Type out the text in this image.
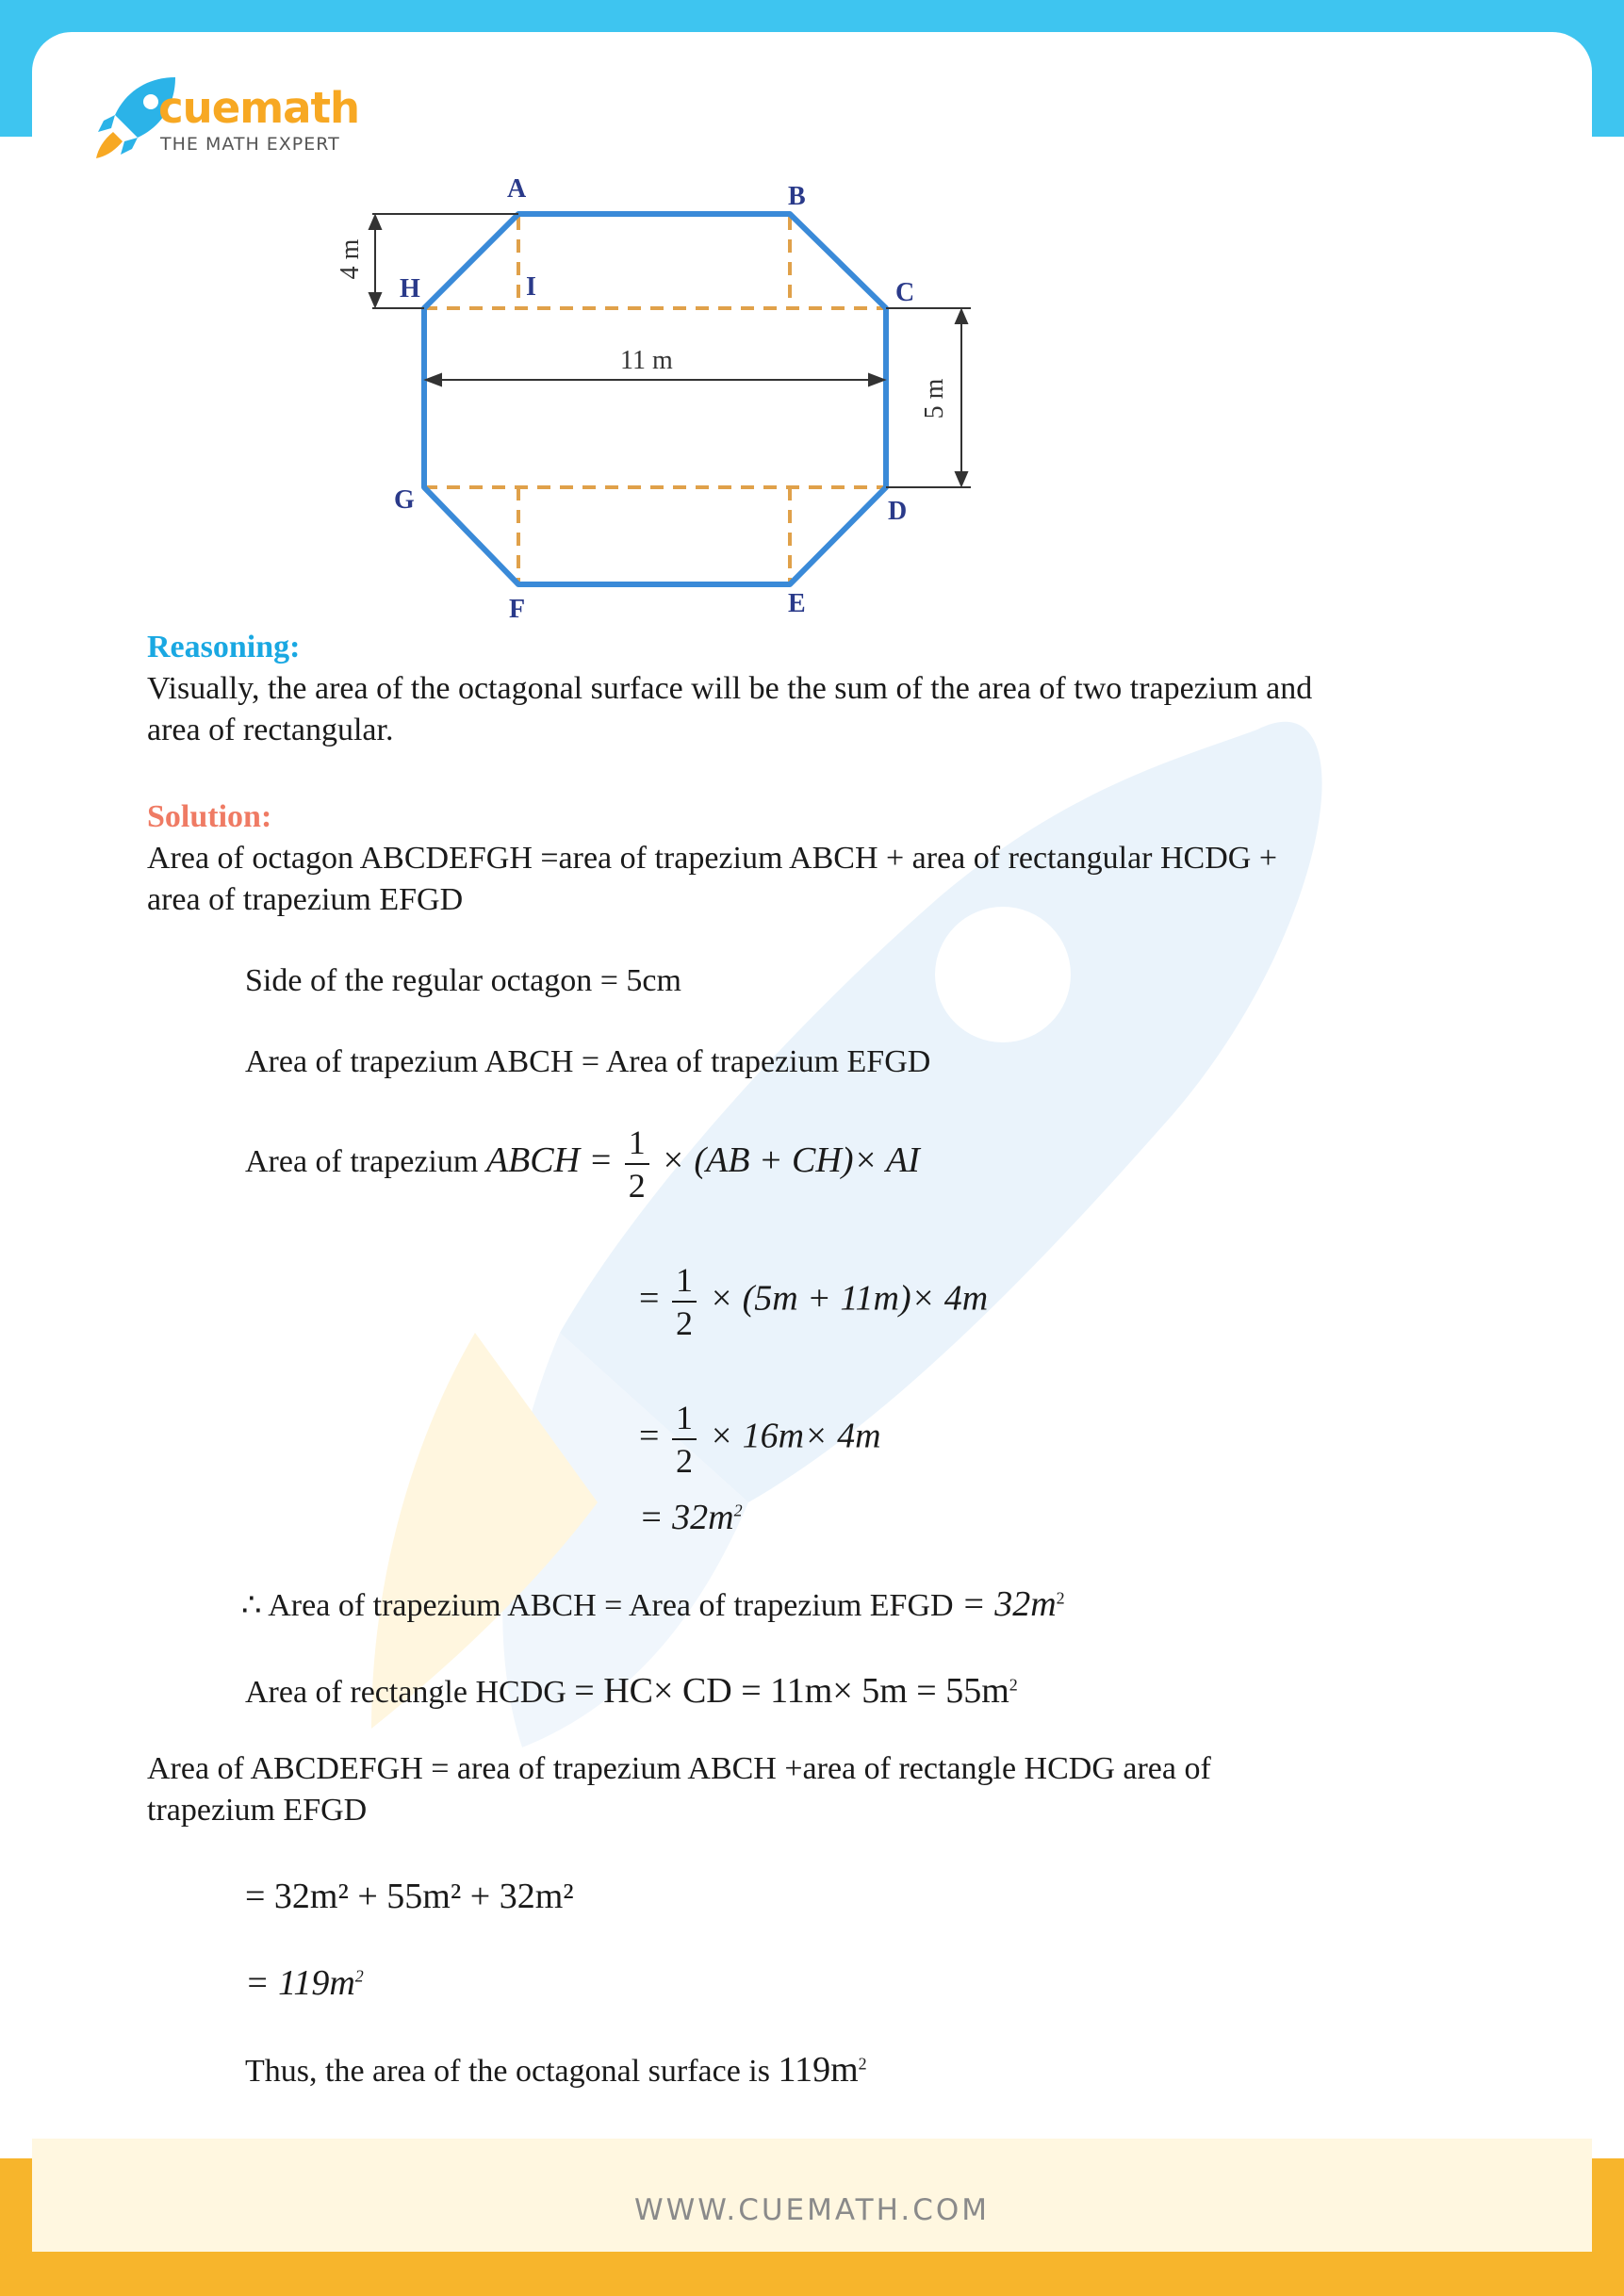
WWW.CUEMATH.COM
cuemath
THE MATH EXPERT
A	B
C
D
E
F
G
H	I
11 m
4 m
5 m
Reasoning:
Visually, the area of the octagonal surface will be the sum of the area of two trapezium and
area of rectangular.
Solution:
Area of octagon ABCDEFGH =area of trapezium ABCH + area of rectangular HCDG +
area of trapezium EFGD
Side of the regular octagon = 5cm
Area of trapezium ABCH = Area of trapezium EFGD
Area of trapezium ABCH = $\frac{1}{2} \times (AB + CH)\times$ AI
= $\frac{1}{2} \times (5m + 11m)\times 4m$
= $\frac{1}{2} \times 16m\times 4m$
= $32m^2$
∴ Area of trapezium ABCH = Area of trapezium EFGD = $32m^2$
Area of rectangle HCDG = HC× CD = $11m\times 5m = 55m^2$
Area of ABCDEFGH = area of trapezium ABCH +area of rectangle HCDG area of
trapezium EFGD
= 32m² + 55m² + 32m²
= $119m^2$
Thus, the area of the octagonal surface is $119m^2$
